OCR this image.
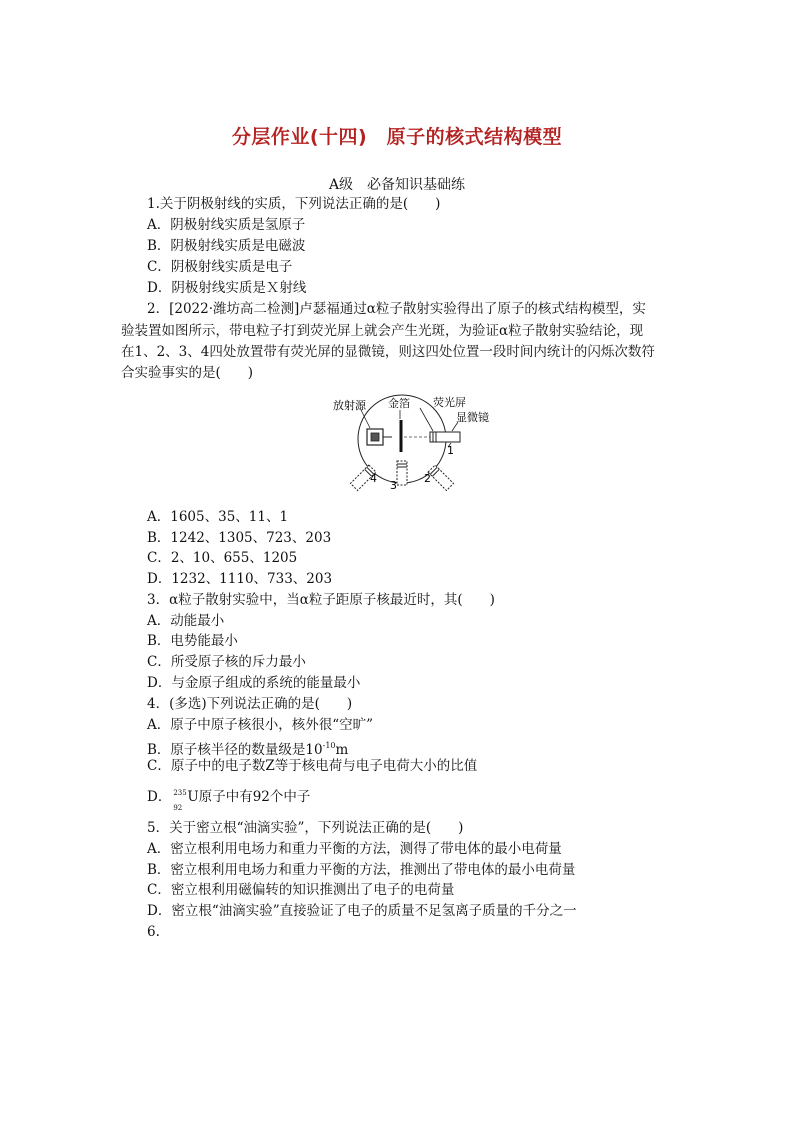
分层作业(十四)　原子的核式结构模型
A级　必备知识基础练
1.关于阴极射线的实质，下列说法正确的是(　　)
A．阴极射线实质是氢原子
B．阴极射线实质是电磁波
C．阴极射线实质是电子
D．阴极射线实质是Ｘ射线
2．[2022·潍坊高二检测]卢瑟福通过α粒子散射实验得出了原子的核式结构模型，实
验装置如图所示，带电粒子打到荧光屏上就会产生光斑，为验证α粒子散射实验结论，现
在1、2、3、4四处放置带有荧光屏的显微镜，则这四处位置一段时间内统计的闪烁次数符
合实验事实的是(　　)
放射源 金箔 荧光屏
显微镜
1
2
3
4
A．1605、35、11、1
B．1242、1305、723、203
C．2、10、655、1205
D．1232、1110、733、203
3．α粒子散射实验中，当α粒子距原子核最近时，其(　　)
A．动能最小
B．电势能最小
C．所受原子核的斥力最小
D．与金原子组成的系统的能量最小
4．(多选)下列说法正确的是(　　)
A．原子中原子核很小，核外很“空旷”
B．原子核半径的数量级是$10^{-10}m$
C．原子中的电子数Z等于核电荷与电子电荷大小的比值
D． 235
92
U原子中有92个中子
5．关于密立根“油滴实验”，下列说法正确的是(　　)
A．密立根利用电场力和重力平衡的方法，测得了带电体的最小电荷量
B．密立根利用电场力和重力平衡的方法，推测出了带电体的最小电荷量
C．密立根利用磁偏转的知识推测出了电子的电荷量
D．密立根“油滴实验”直接验证了电子的质量不足氢离子质量的千分之一
6.
